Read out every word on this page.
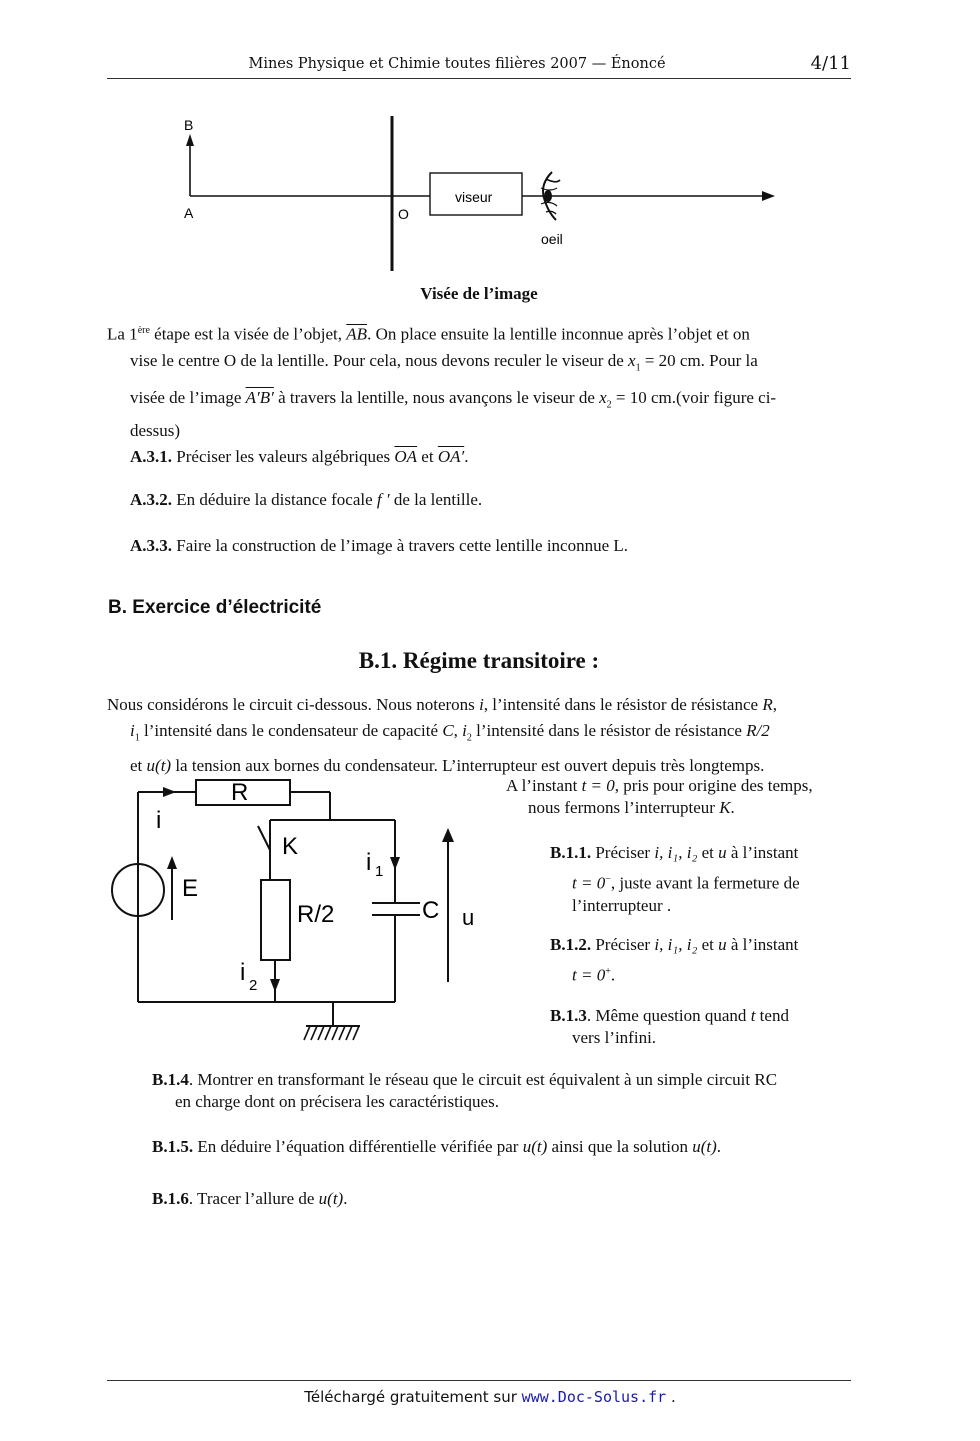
Mines Physique et Chimie toutes filières 2007 — Énoncé	4/11
B
A	O
viseur
oeil
Visée de l’image
La 1ère étape est la visée de l’objet, $\overline{AB}$. On place ensuite la lentille inconnue après l’objet et on
vise le centre O de la lentille. Pour cela, nous devons reculer le viseur de $x_1 = 20$ cm. Pour la
visée de l’image A′B′ à travers la lentille, nous avançons le viseur de $x_2 = 10$ cm.(voir figure ci-
dessus)
A.3.1. Préciser les valeurs algébriques $\overline{OA}$ et OA′.
A.3.2. En déduire la distance focale f ′ de la lentille.
A.3.3. Faire la construction de l’image à travers cette lentille inconnue L.
B. Exercice d’électricité
B.1. Régime transitoire :
Nous considérons le circuit ci-dessous. Nous noterons i, l’intensité dans le résistor de résistance R,
$i_1$ l’intensité dans le condensateur de capacité C, $i_2$ l’intensité dans le résistor de résistance R/2
et u(t) la tension aux bornes du condensateur. L’interrupteur est ouvert depuis très longtemps.
R
i
E
K
i 1
R/2	C u
i 2
A l’instant t = 0, pris pour origine des temps,
nous fermons l’interrupteur K.
B.1.1. Préciser i, i₁, i₂ et u à l’instant
t = 0−, juste avant la fermeture de
l’interrupteur .
B.1.2. Préciser i, i₁, i₂ et u à l’instant
t = 0+.
B.1.3. Même question quand t tend
vers l’infini.
B.1.4. Montrer en transformant le réseau que le circuit est équivalent à un simple circuit RC
en charge dont on précisera les caractéristiques.
B.1.5. En déduire l’équation différentielle vérifiée par u(t) ainsi que la solution u(t).
B.1.6. Tracer l’allure de u(t).
Téléchargé gratuitement sur www.Doc-Solus.fr .
